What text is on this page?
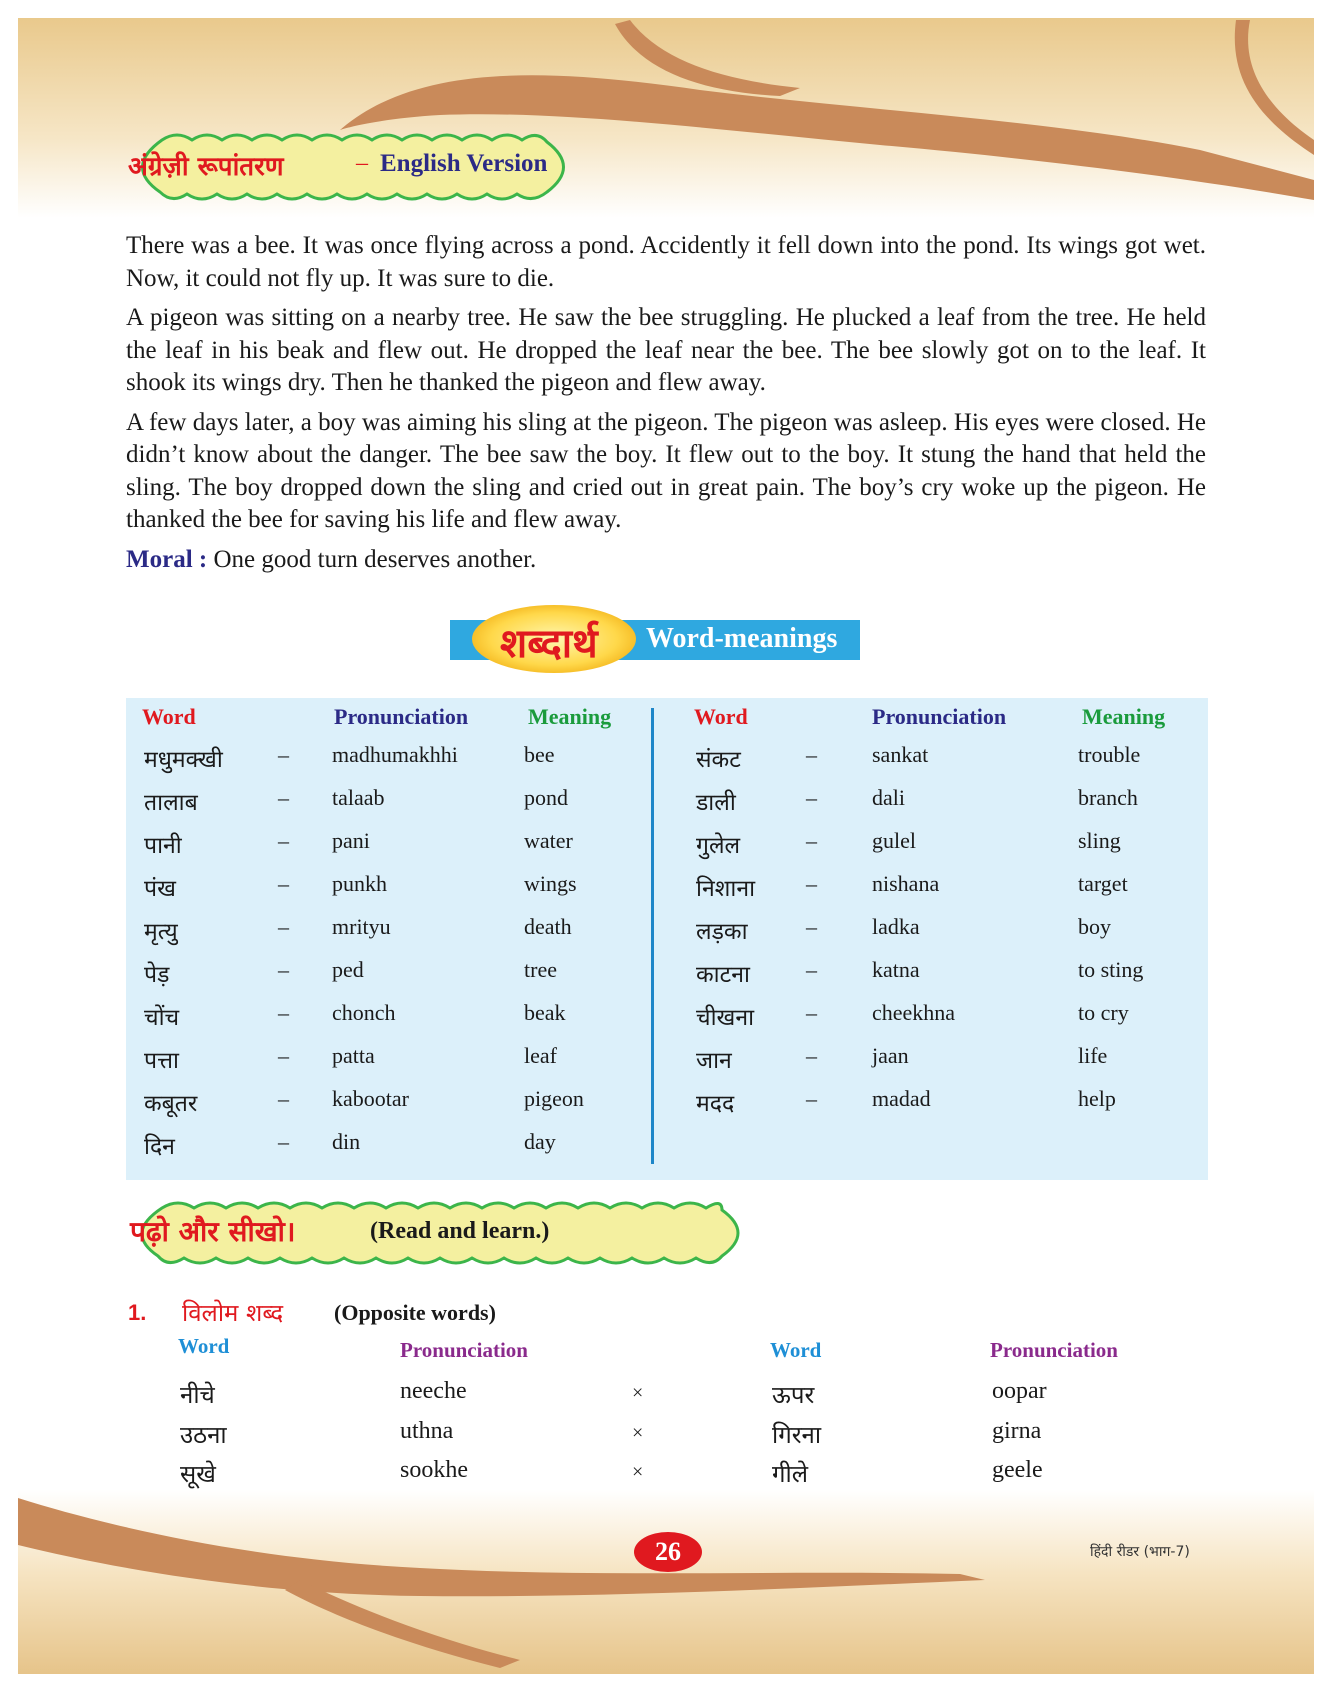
अंग्रेज़ी रूपांतरण	– English Version

There was a bee. It was once flying across a pond. Accidently it fell down into the pond. Its wings got wet. Now, it could not fly up. It was sure to die.

A pigeon was sitting on a nearby tree. He saw the bee struggling. He plucked a leaf from the tree. He held the leaf in his beak and flew out. He dropped the leaf near the bee. The bee slowly got on to the leaf. It shook its wings dry. Then he thanked the pigeon and flew away.

A few days later, a boy was aiming his sling at the pigeon. The pigeon was asleep. His eyes were closed. He didn’t know about the danger. The bee saw the boy. It flew out to the boy. It stung the hand that held the sling. The boy dropped down the sling and cried out in great pain. The boy’s cry woke up the pigeon. He thanked the bee for saving his life and flew away.

Moral : One good turn deserves another.

शब्दार्थ Word-meanings
Word	Pronunciation	Meaning	Word	Pronunciation	Meaning
मधुमक्खी	– madhumakhhi	bee
तालाब	– talaab	pond
पानी	– pani	water
पंख	– punkh	wings
मृत्यु	– mrityu	death
पेड़	– ped	tree
चोंच	– chonch	beak
पत्ता	– patta	leaf
कबूतर	– kabootar	pigeon
दिन	– din	day
संकट	–	sankat	trouble
डाली	–	dali	branch
गुलेल	–	gulel	sling
निशाना –	nishana	target
लड़का	–	ladka	boy
काटना	–	katna	to sting
चीखना –	cheekhna	to cry
जान	–	jaan	life
मदद	–	madad	help
पढ़ो और सीखो।	(Read and learn.)
1. विलोम शब्द (Opposite words)
Word	Pronunciation	Word	Pronunciation
नीचे	neeche	×	ऊपर	oopar
उठना	uthna	×	गिरना	girna
सूखे	sookhe	×	गीले	geele
26	हिंदी रीडर (भाग-7)
